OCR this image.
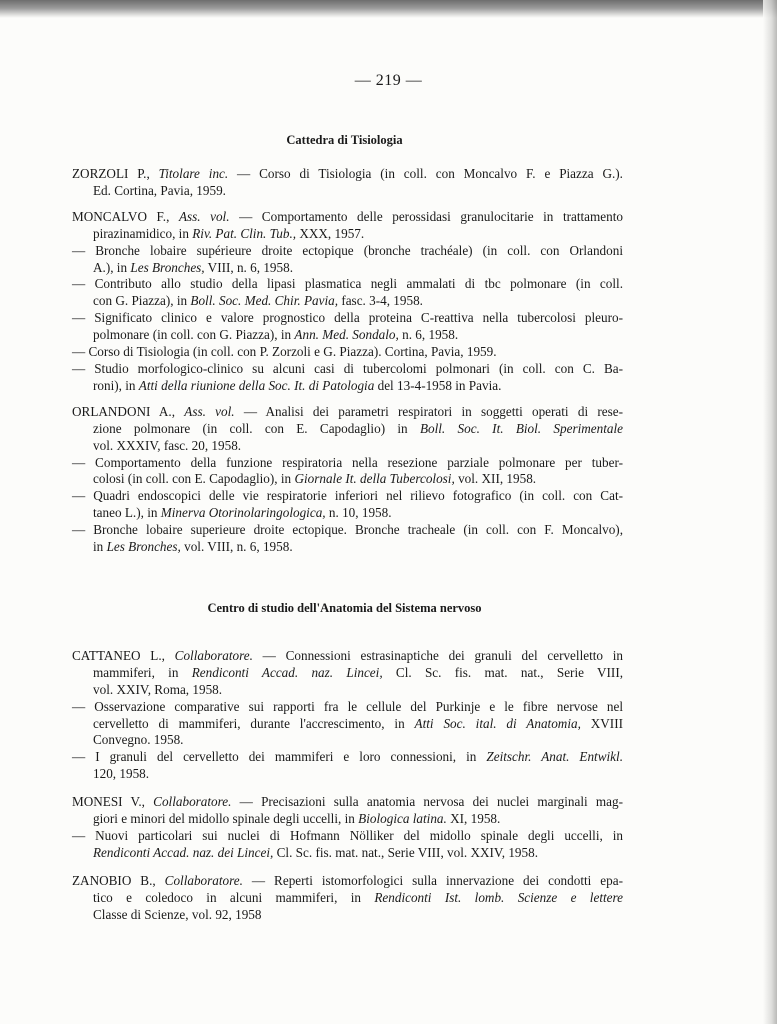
— 219 —
Cattedra di Tisiologia
ZORZOLI P., Titolare inc. — Corso di Tisiologia (in coll. con Moncalvo F. e Piazza G.).
Ed. Cortina, Pavia, 1959.
MONCALVO F., Ass. vol. — Comportamento delle perossidasi granulocitarie in trattamento
pirazinamidico, in Riv. Pat. Clin. Tub., XXX, 1957.
— Bronche lobaire supérieure droite ectopique (bronche trachéale) (in coll. con Orlandoni
A.), in Les Bronches, VIII, n. 6, 1958.
— Contributo allo studio della lipasi plasmatica negli ammalati di tbc polmonare (in coll.
con G. Piazza), in Boll. Soc. Med. Chir. Pavia, fasc. 3-4, 1958.
— Significato clinico e valore prognostico della proteina C-reattiva nella tubercolosi pleuro-
polmonare (in coll. con G. Piazza), in Ann. Med. Sondalo, n. 6, 1958.
— Corso di Tisiologia (in coll. con P. Zorzoli e G. Piazza). Cortina, Pavia, 1959.
— Studio morfologico-clinico su alcuni casi di tubercolomi polmonari (in coll. con C. Ba-
roni), in Atti della riunione della Soc. It. di Patologia del 13-4-1958 in Pavia.
ORLANDONI A., Ass. vol. — Analisi dei parametri respiratori in soggetti operati di rese-
zione polmonare (in coll. con E. Capodaglio) in Boll. Soc. It. Biol. Sperimentale
vol. XXXIV, fasc. 20, 1958.
— Comportamento della funzione respiratoria nella resezione parziale polmonare per tuber-
colosi (in coll. con E. Capodaglio), in Giornale It. della Tubercolosi, vol. XII, 1958.
— Quadri endoscopici delle vie respiratorie inferiori nel rilievo fotografico (in coll. con Cat-
taneo L.), in Minerva Otorinolaringologica, n. 10, 1958.
— Bronche lobaire superieure droite ectopique. Bronche tracheale (in coll. con F. Moncalvo),
in Les Bronches, vol. VIII, n. 6, 1958.
Centro di studio dell'Anatomia del Sistema nervoso
CATTANEO L., Collaboratore. — Connessioni estrasinaptiche dei granuli del cervelletto in
mammiferi, in Rendiconti Accad. naz. Lincei, Cl. Sc. fis. mat. nat., Serie VIII,
vol. XXIV, Roma, 1958.
— Osservazione comparative sui rapporti fra le cellule del Purkinje e le fibre nervose nel
cervelletto di mammiferi, durante l'accrescimento, in Atti Soc. ital. di Anatomia, XVIII
Convegno. 1958.
— I granuli del cervelletto dei mammiferi e loro connessioni, in Zeitschr. Anat. Entwikl.
120, 1958.
MONESI V., Collaboratore. — Precisazioni sulla anatomia nervosa dei nuclei marginali mag-
giori e minori del midollo spinale degli uccelli, in Biologica latina. XI, 1958.
— Nuovi particolari sui nuclei di Hofmann Nölliker del midollo spinale degli uccelli, in
Rendiconti Accad. naz. dei Lincei, Cl. Sc. fis. mat. nat., Serie VIII, vol. XXIV, 1958.
ZANOBIO B., Collaboratore. — Reperti istomorfologici sulla innervazione dei condotti epa-
tico e coledoco in alcuni mammiferi, in Rendiconti Ist. lomb. Scienze e lettere
Classe di Scienze, vol. 92, 1958
